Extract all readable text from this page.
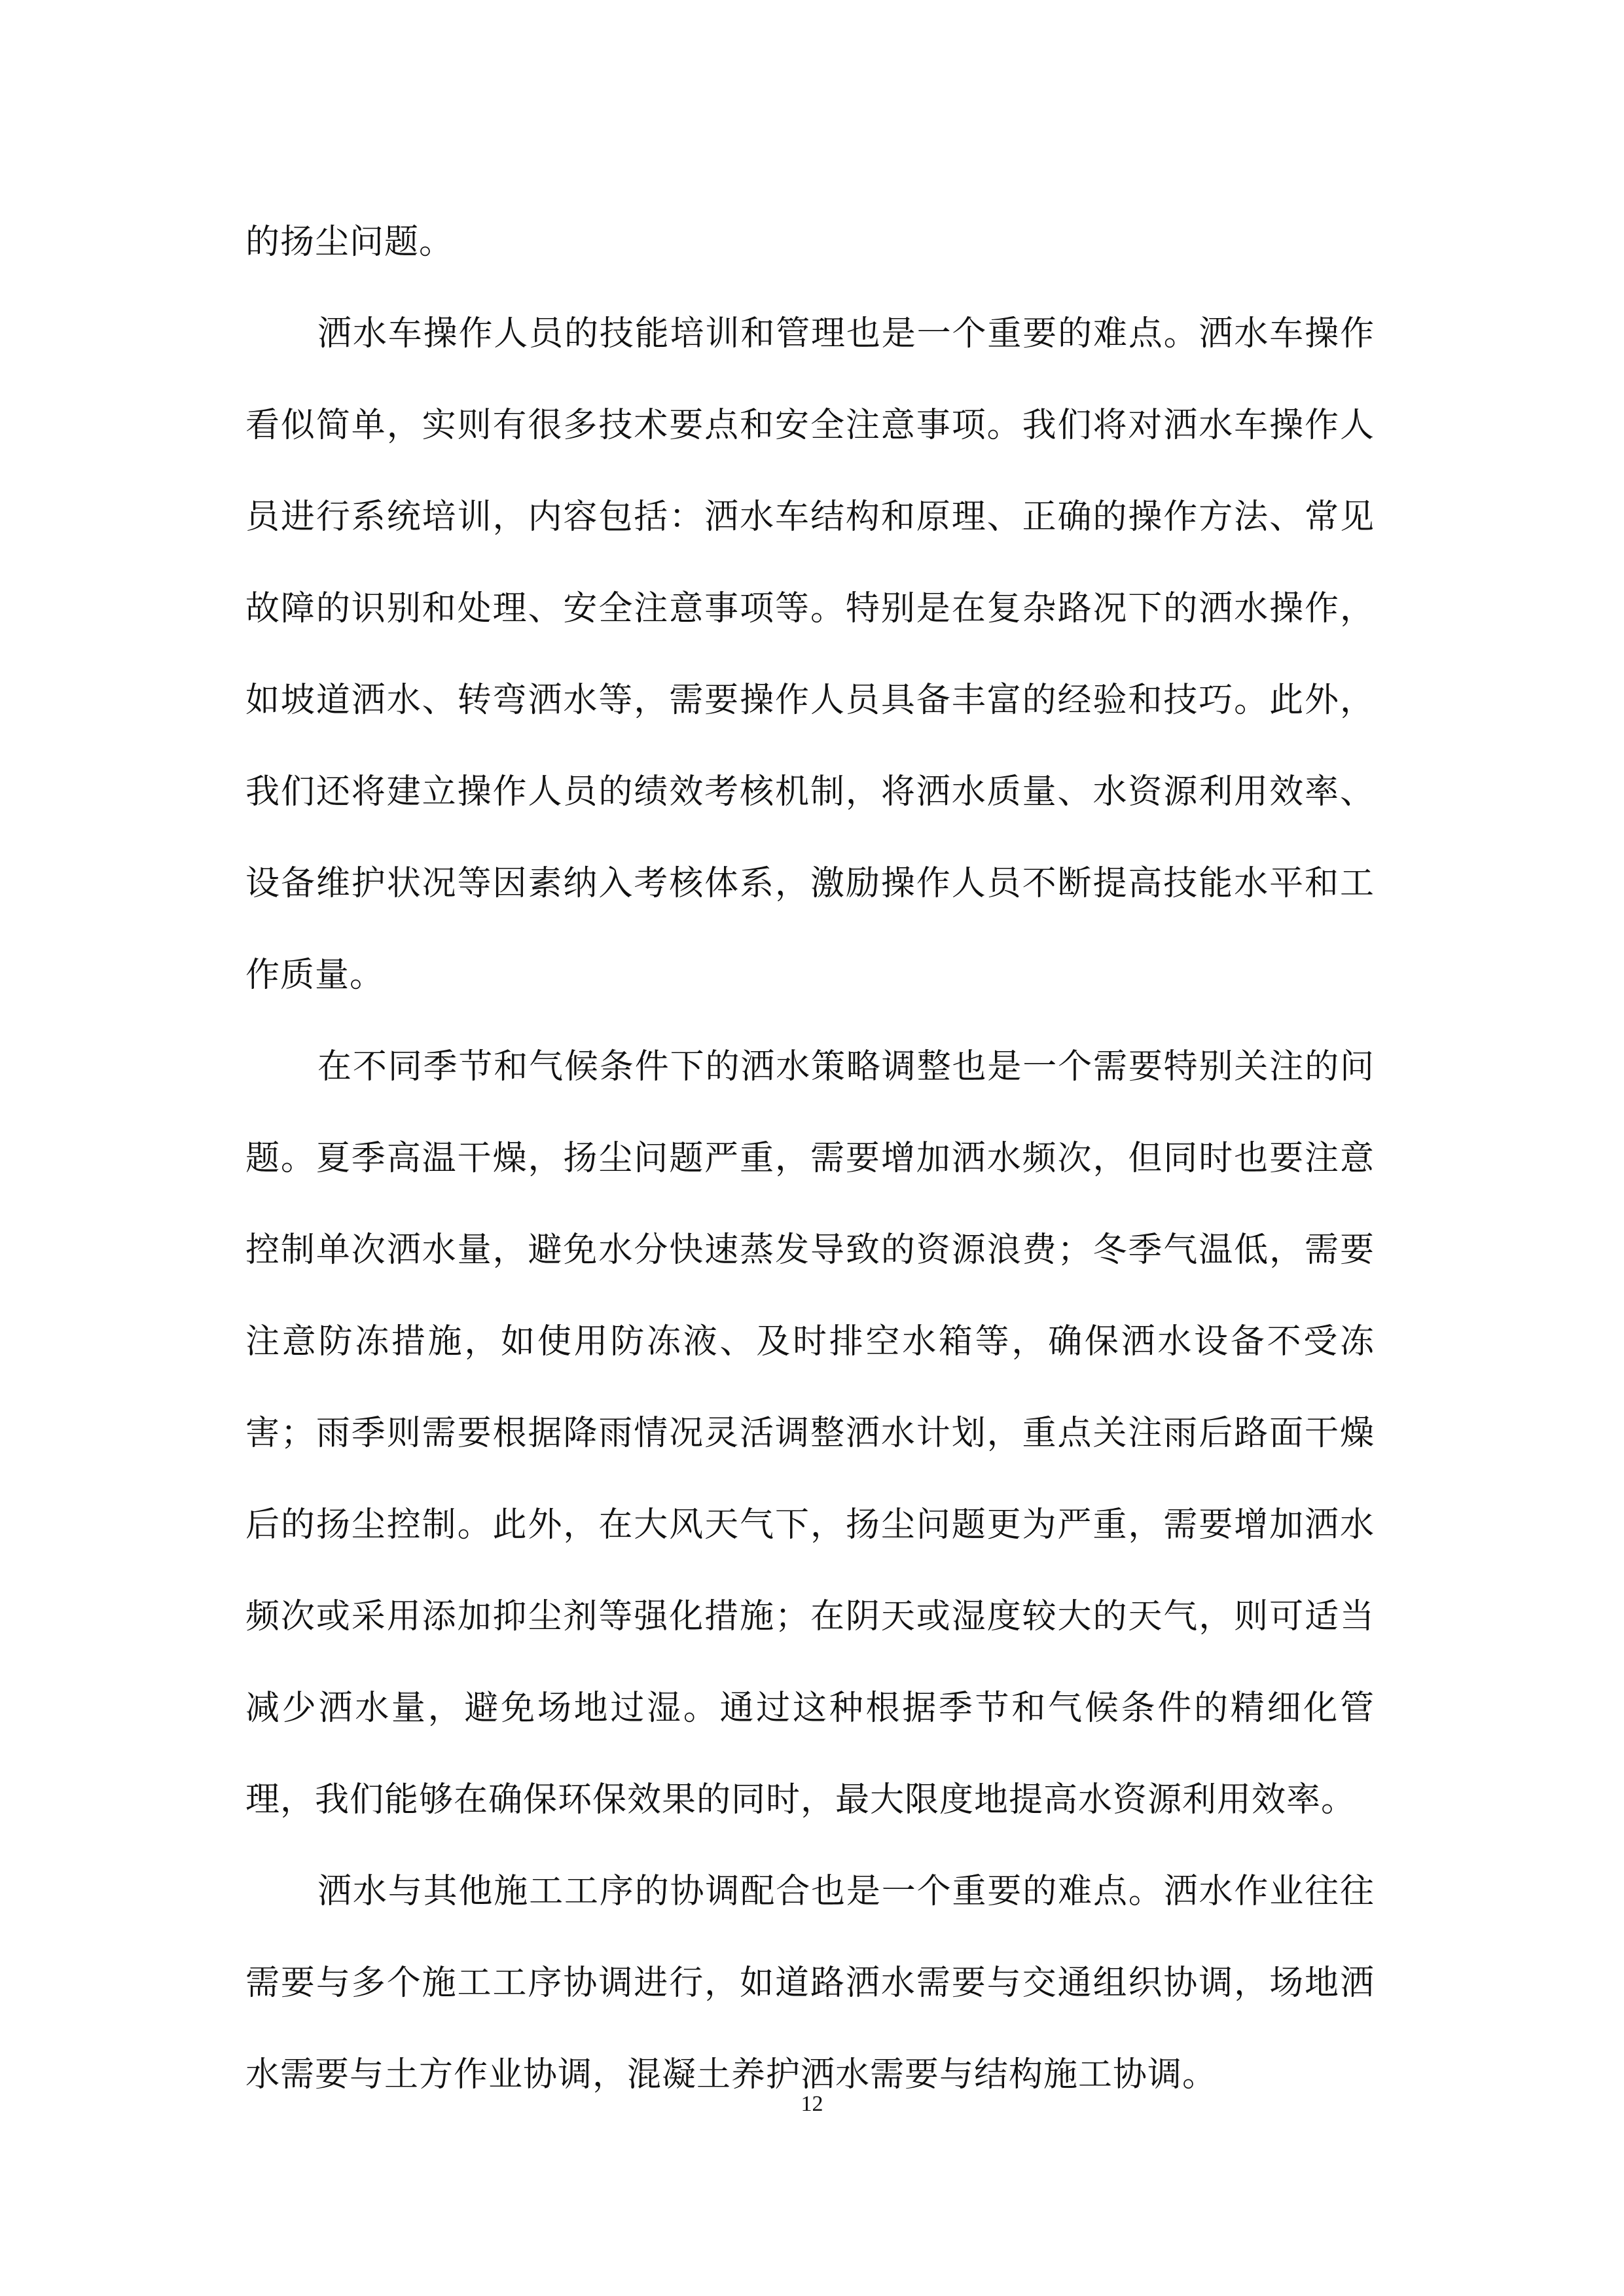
的扬尘问题。

洒水车操作人员的技能培训和管理也是一个重要的难点。洒水车操作看似简单，实则有很多技术要点和安全注意事项。我们将对洒水车操作人员进行系统培训，内容包括：洒水车结构和原理、正确的操作方法、常见故障的识别和处理、安全注意事项等。特别是在复杂路况下的洒水操作，如坡道洒水、转弯洒水等，需要操作人员具备丰富的经验和技巧。此外，我们还将建立操作人员的绩效考核机制，将洒水质量、水资源利用效率、设备维护状况等因素纳入考核体系，激励操作人员不断提高技能水平和工作质量。

在不同季节和气候条件下的洒水策略调整也是一个需要特别关注的问题。夏季高温干燥，扬尘问题严重，需要增加洒水频次，但同时也要注意控制单次洒水量，避免水分快速蒸发导致的资源浪费；冬季气温低，需要注意防冻措施，如使用防冻液、及时排空水箱等，确保洒水设备不受冻害；雨季则需要根据降雨情况灵活调整洒水计划，重点关注雨后路面干燥后的扬尘控制。此外，在大风天气下，扬尘问题更为严重，需要增加洒水频次或采用添加抑尘剂等强化措施；在阴天或湿度较大的天气，则可适当减少洒水量，避免场地过湿。通过这种根据季节和气候条件的精细化管理，我们能够在确保环保效果的同时，最大限度地提高水资源利用效率。

洒水与其他施工工序的协调配合也是一个重要的难点。洒水作业往往需要与多个施工工序协调进行，如道路洒水需要与交通组织协调，场地洒水需要与土方作业协调，混凝土养护洒水需要与结构施工协调。

12
